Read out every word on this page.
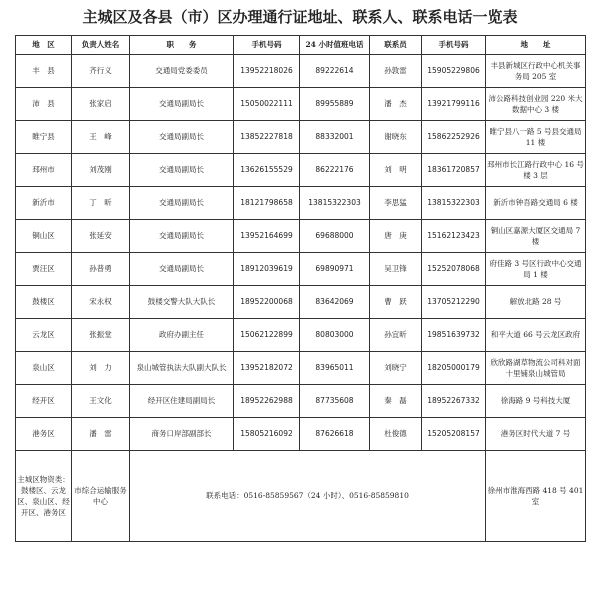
主城区及各县（市）区办理通行证地址、联系人、联系电话一览表
地　区	负责人姓名	职　　务	手机号码	24 小时值班电话	联系员	手机号码	地　　址
丰　县	齐行义	交通局党委委员	13952218026	89222614	孙敦雷	15905229806	丰县新城区行政中心机关事务局 205 室
沛　县	张家启	交通局副局长	15050022111	89955889	潘　杰	13921799116	沛公路科技创业园 220 米大数据中心 3 楼
睢宁县	王　峰	交通局副局长	13852227818	88332001	谢晓东	15862252926	睢宁县八一路 5 号县交通局 11 楼
邳州市	刘茂刚	交通局副局长	13626155529	86222176	刘　明	18361720857	邳州市长江路行政中心 16 号楼 3 层
新沂市	丁　昕	交通局副局长	18121798658	13815322303	李思猛	13815322303	新沂市钟吾路交通局 6 楼
铜山区	张延安	交通局副局长	13952164699	69688000	唐　庚	15162123423	铜山区嘉源大厦区交通局 7 楼
贾汪区	孙普勇	交通局副局长	18912039619	69890971	吴卫锋	15252078068	府佳路 3 号区行政中心交通局 1 楼
鼓楼区	宋永权	鼓楼交警大队大队长	18952200068	83642069	曹　跃	13705212290	解放北路 28 号
云龙区	张振堂	政府办副主任	15062122899	80803000	孙宜昕	19851639732	和平大道 66 号云龙区政府
泉山区	刘　力	泉山城管执法大队副大队长	13952182072	83965011	刘晓宁	18205000179	欣欣路湖草物流公司科对面十里铺泉山城管局
经开区	王文化	经开区住建局副局长	18952262988	87735608	秦　磊	18952267332	徐海路 9 号科技大厦
港务区	潘　雷	商务口岸部副部长	15805216092	87626618	杜俊德	15205208157	港务区时代大道 7 号
主城区物资类：鼓楼区、云龙区、泉山区、经开区、港务区	市综合运输服务中心	联系电话：0516-85859567（24 小时）、0516-85859810					徐州市淮海西路 418 号 401 室
